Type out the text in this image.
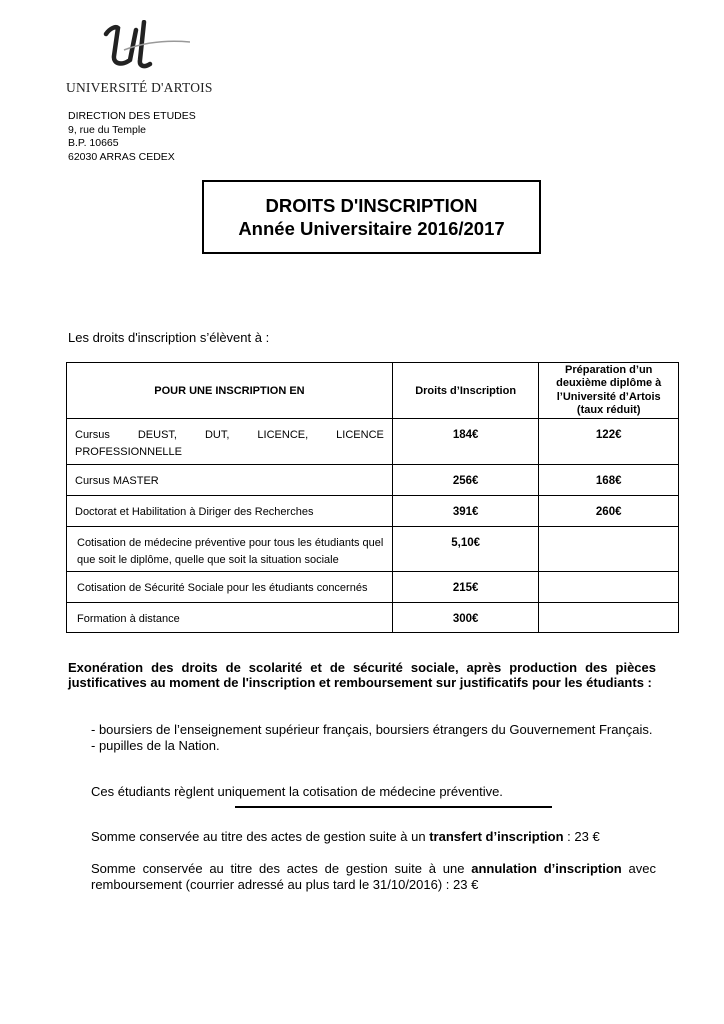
UNIVERSITÉ D'ARTOIS
DIRECTION DES ETUDES
9, rue du Temple
B.P. 10665
62030 ARRAS CEDEX
DROITS D'INSCRIPTION
Année Universitaire 2016/2017
Les droits d'inscription s’élèvent à :
POUR UNE INSCRIPTION EN	Droits d’Inscription	Préparation d’un
deuxième diplôme à
l’Université d’Artois
(taux réduit)

Cursus DEUST, DUT, LICENCE, LICENCE
PROFESSIONNELLE	184€	122€
Cursus MASTER	256€	168€
Doctorat et Habilitation à Diriger des Recherches	391€	260€

Cotisation de médecine préventive pour tous les étudiants quel
que soit le diplôme, quelle que soit la situation sociale	5,10€	
Cotisation de Sécurité Sociale pour les étudiants concernés	215€	
Formation à distance	300€	
Exonération des droits de scolarité et de sécurité sociale, après production des pièces justificatives au moment de l'inscription et remboursement sur justificatifs pour les étudiants :
- boursiers de l’enseignement supérieur français, boursiers étrangers du Gouvernement Français.
- pupilles de la Nation.
Ces étudiants règlent uniquement la cotisation de médecine préventive.
Somme conservée au titre des actes de gestion suite à un transfert d’inscription : 23 €
Somme conservée au titre des actes de gestion suite à une annulation d’inscription avec remboursement (courrier adressé au plus tard le 31/10/2016) : 23 €
